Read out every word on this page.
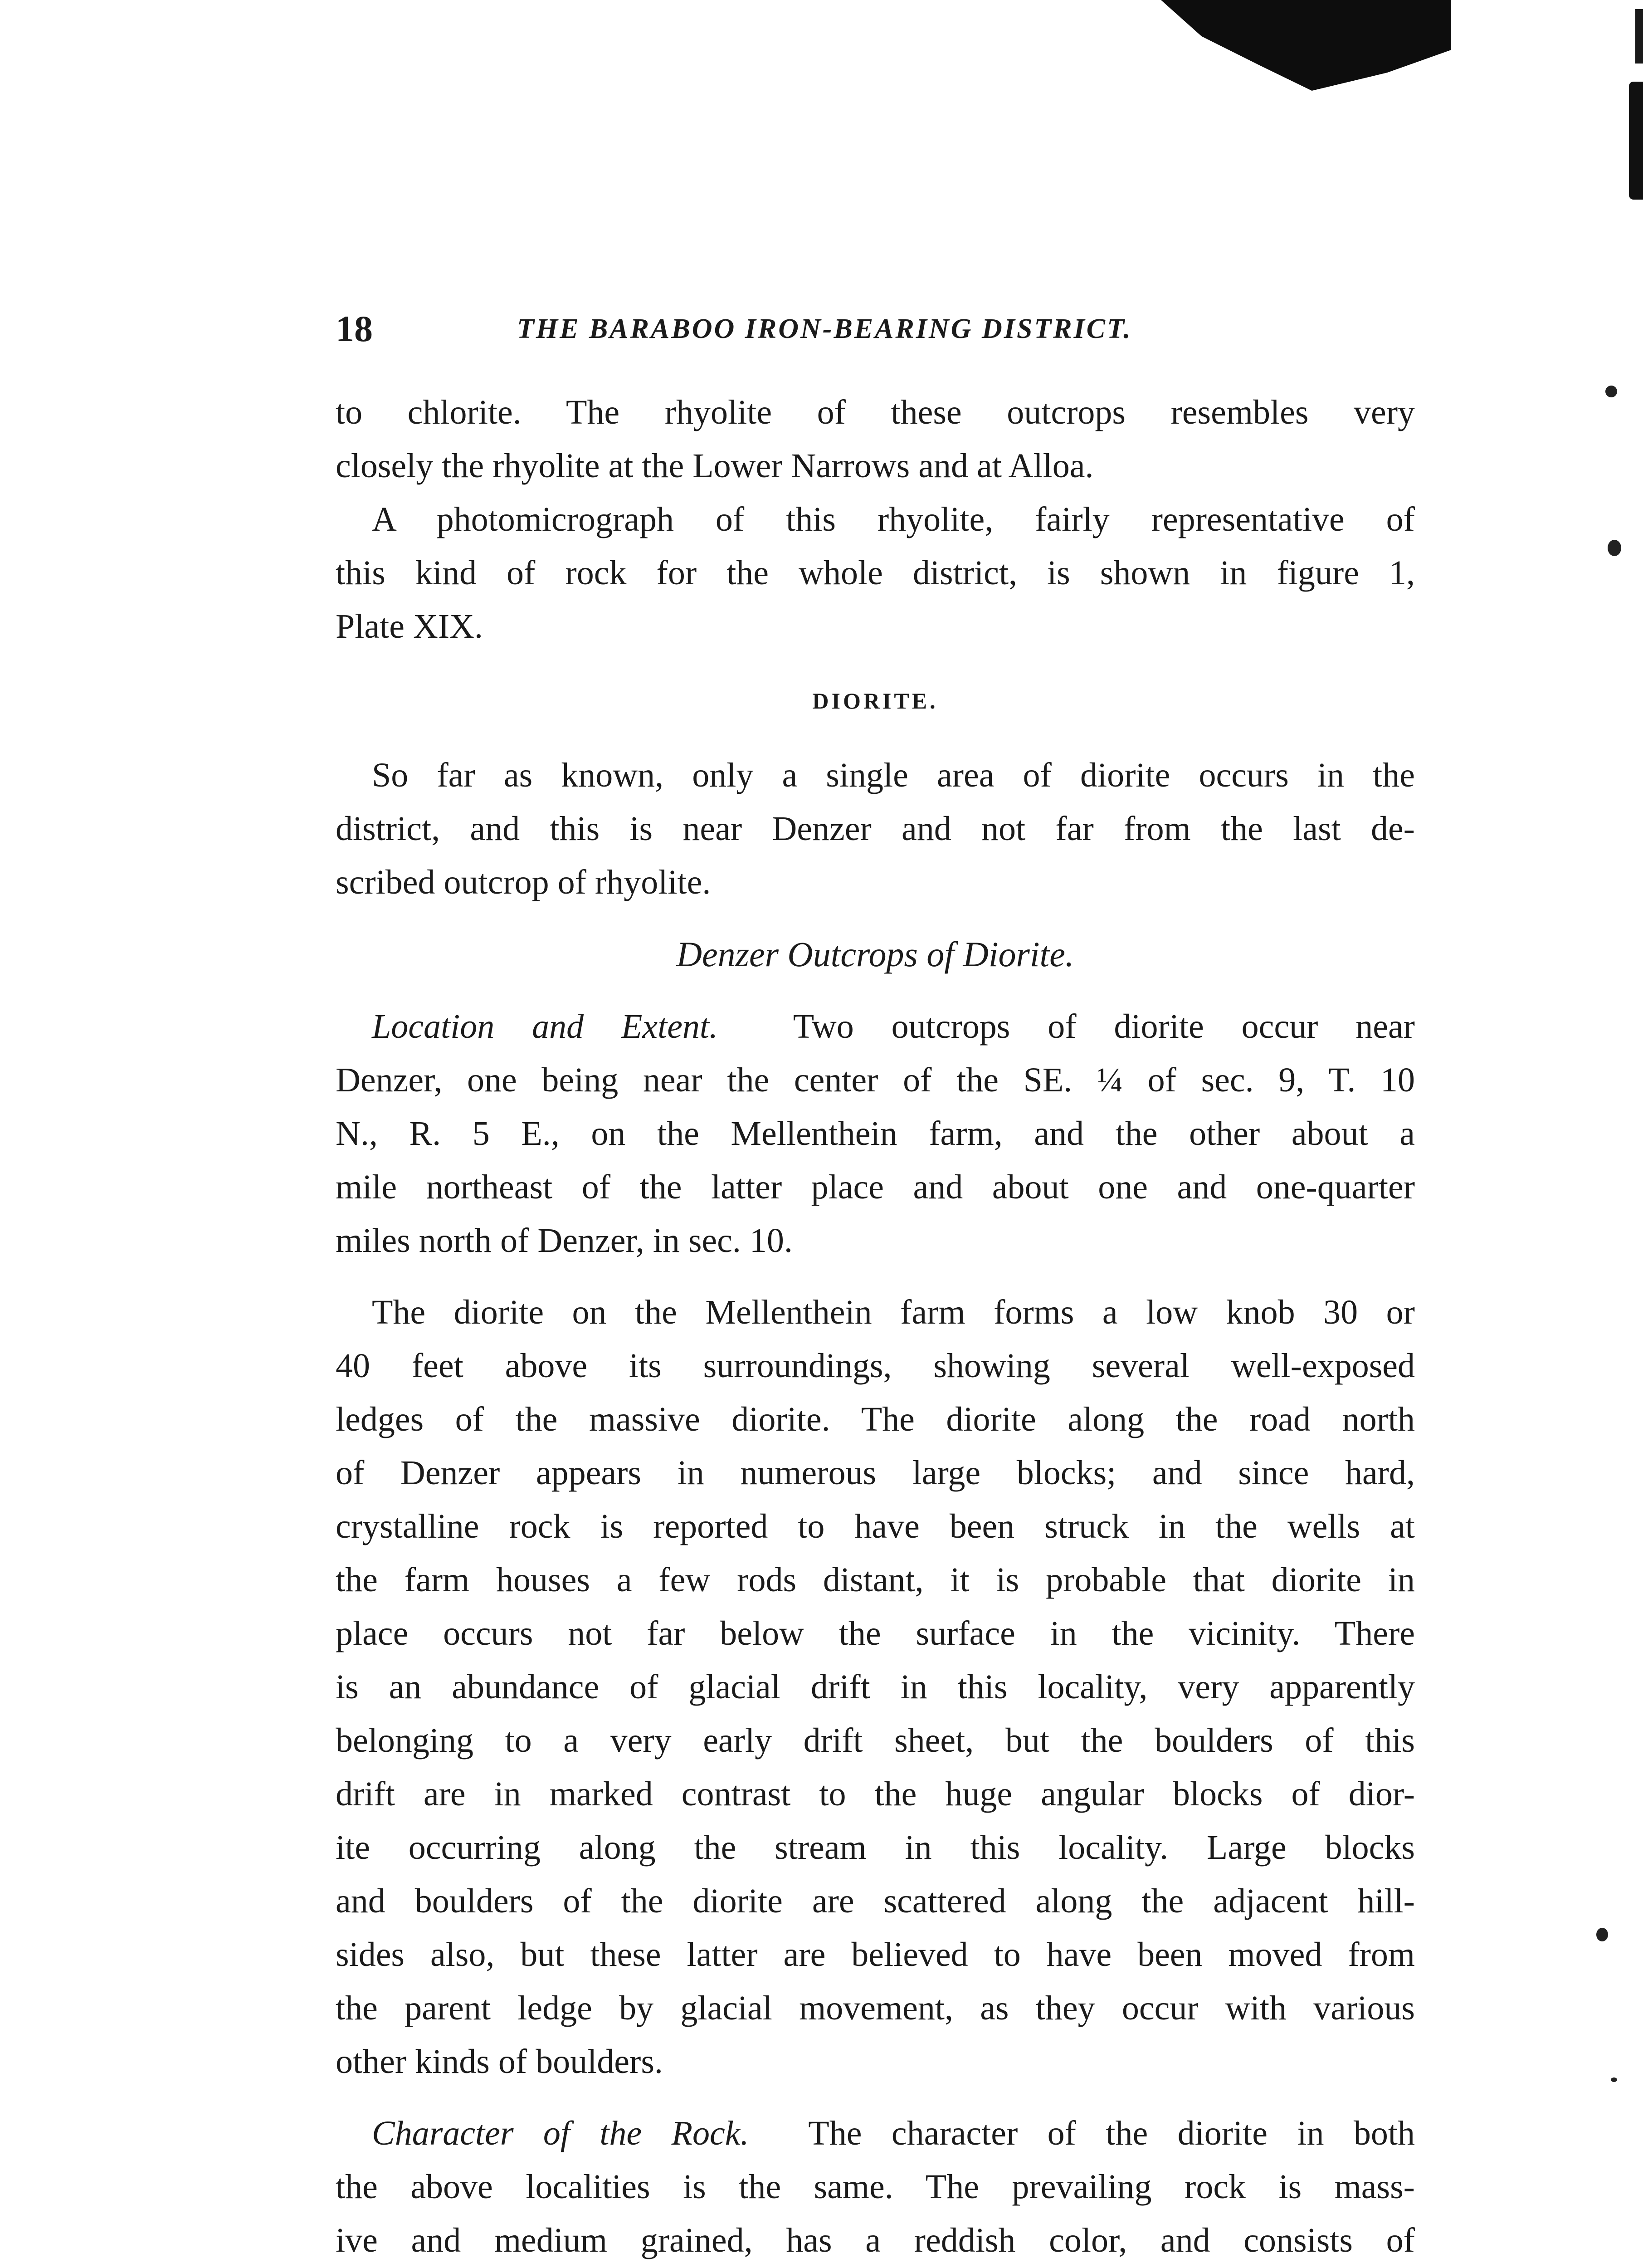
18	THE BARABOO IRON-BEARING DISTRICT.
to chlorite. The rhyolite of these outcrops resembles very
closely the rhyolite at the Lower Narrows and at Alloa.
A photomicrograph of this rhyolite, fairly representative of
this kind of rock for the whole district, is shown in figure 1,
Plate XIX.
DIORITE.
So far as known, only a single area of diorite occurs in the
district, and this is near Denzer and not far from the last de-
scribed outcrop of rhyolite.
Denzer Outcrops of Diorite.
Location and Extent. Two outcrops of diorite occur near
Denzer, one being near the center of the SE. ¼ of sec. 9, T. 10
N., R. 5 E., on the Mellenthein farm, and the other about a
mile northeast of the latter place and about one and one-quarter
miles north of Denzer, in sec. 10.
The diorite on the Mellenthein farm forms a low knob 30 or
40 feet above its surroundings, showing several well-exposed
ledges of the massive diorite. The diorite along the road north
of Denzer appears in numerous large blocks; and since hard,
crystalline rock is reported to have been struck in the wells at
the farm houses a few rods distant, it is probable that diorite in
place occurs not far below the surface in the vicinity. There
is an abundance of glacial drift in this locality, very apparently
belonging to a very early drift sheet, but the boulders of this
drift are in marked contrast to the huge angular blocks of dior-
ite occurring along the stream in this locality. Large blocks
and boulders of the diorite are scattered along the adjacent hill-
sides also, but these latter are believed to have been moved from
the parent ledge by glacial movement, as they occur with various
other kinds of boulders.
Character of the Rock. The character of the diorite in both
the above localities is the same. The prevailing rock is mass-
ive and medium grained, has a reddish color, and consists of
